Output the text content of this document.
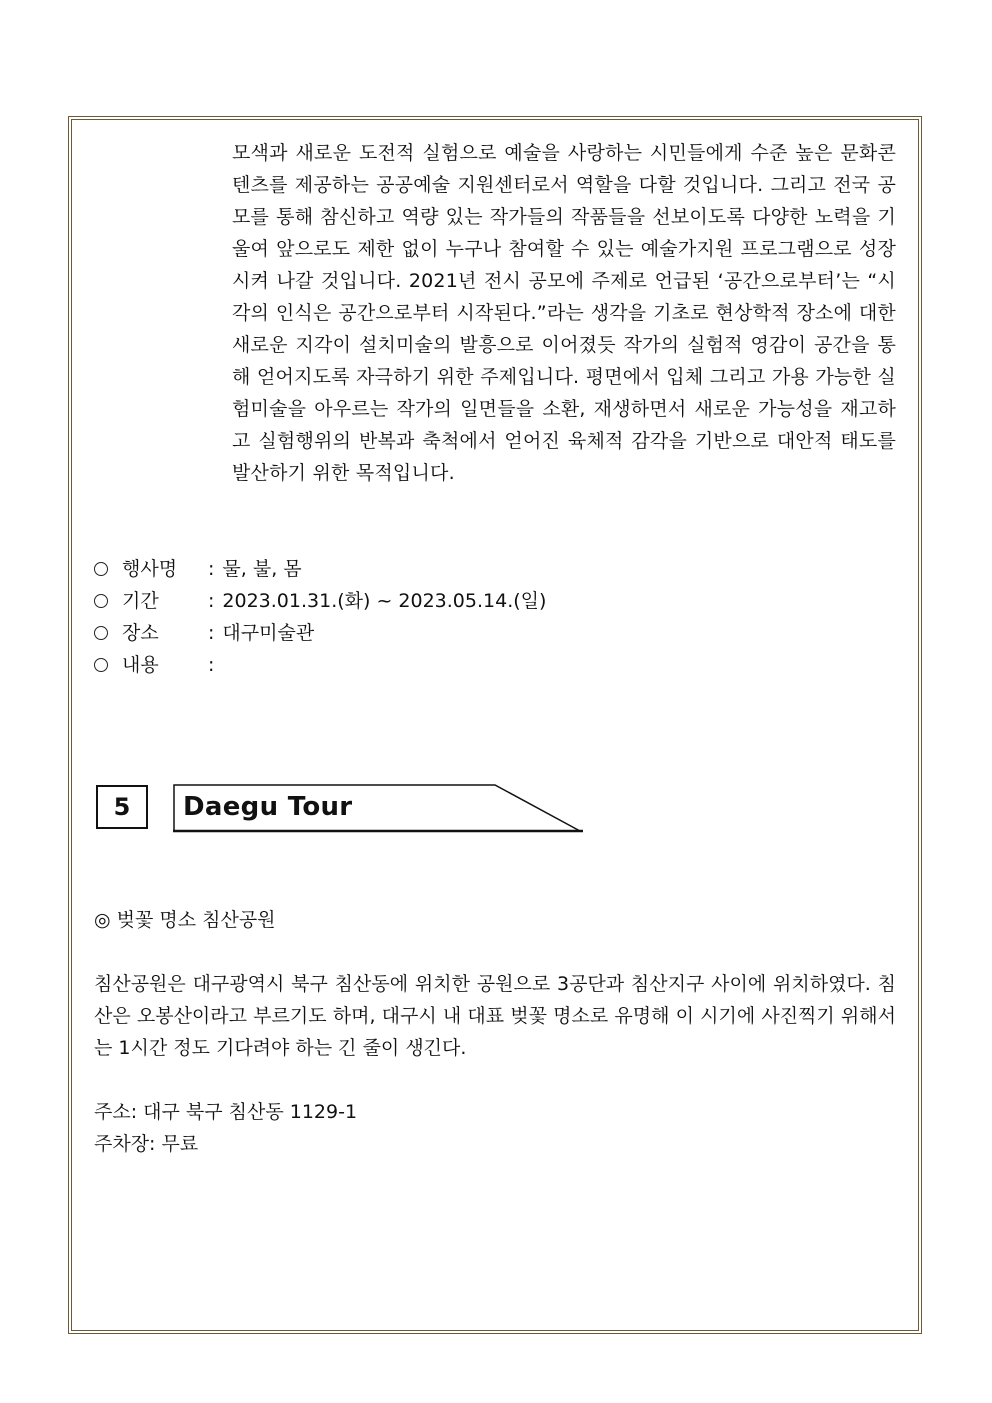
모색과 새로운 도전적 실험으로 예술을 사랑하는 시민들에게 수준 높은 문화콘텐츠를 제공하는 공공예술 지원센터로서 역할을 다할 것입니다. 그리고 전국 공모를 통해 참신하고 역량 있는 작가들의 작품들을 선보이도록 다양한 노력을 기울여 앞으로도 제한 없이 누구나 참여할 수 있는 예술가지원 프로그램으로 성장시켜 나갈 것입니다. 2021년 전시 공모에 주제로 언급된 ‘공간으로부터’는 “시각의 인식은 공간으로부터 시작된다.”라는 생각을 기초로 현상학적 장소에 대한 새로운 지각이 설치미술의 발흥으로 이어졌듯 작가의 실험적 영감이 공간을 통해 얻어지도록 자극하기 위한 주제입니다. 평면에서 입체 그리고 가용 가능한 실험미술을 아우르는 작가의 일면들을 소환, 재생하면서 새로운 가능성을 재고하고 실험행위의 반복과 축척에서 얻어진 육체적 감각을 기반으로 대안적 태도를 발산하기 위한 목적입니다.

행사명	: 물, 불, 몸
기간	: 2023.01.31.(화) ~ 2023.05.14.(일)
장소	: 대구미술관
내용	:
5	Daegu Tour
◎ 벚꽃 명소 침산공원

침산공원은 대구광역시 북구 침산동에 위치한 공원으로 3공단과 침산지구 사이에 위치하였다. 침산은 오봉산이라고 부르기도 하며, 대구시 내 대표 벚꽃 명소로 유명해 이 시기에 사진찍기 위해서는 1시간 정도 기다려야 하는 긴 줄이 생긴다.

주소: 대구 북구 침산동 1129-1
주차장: 무료
